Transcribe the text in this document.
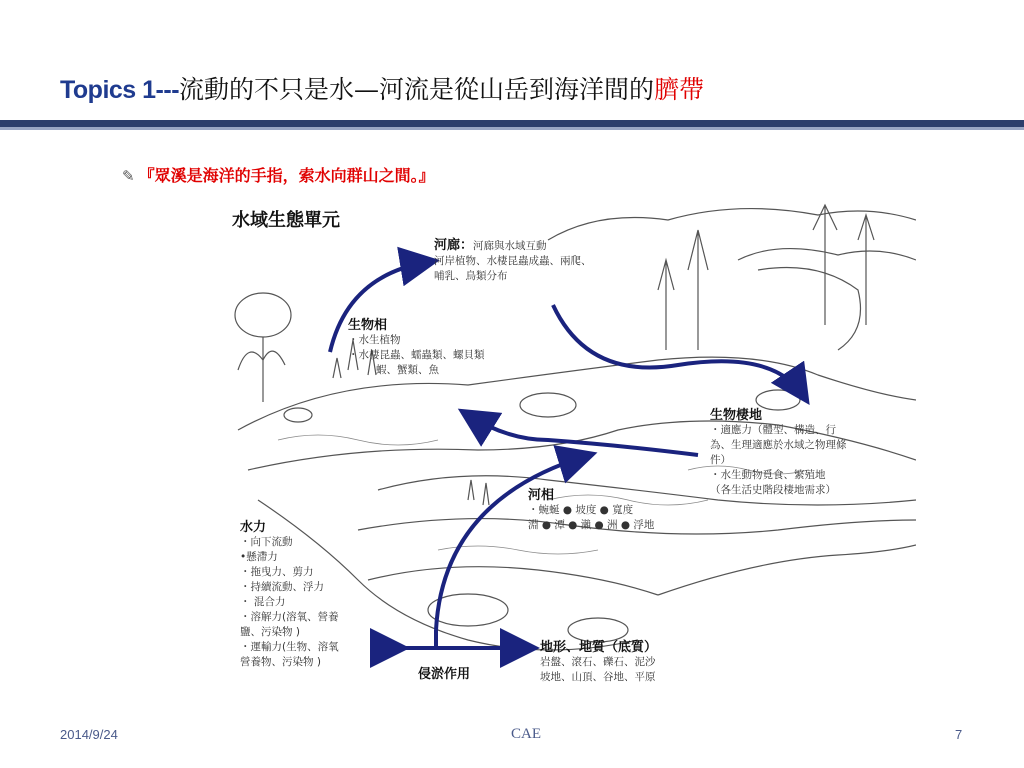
Topics 1---流動的不只是水—河流是從山岳到海洋間的臍帶
✎ 『眾溪是海洋的手指，索水向群山之間。』
水域生態單元
河廊：河廊與水域互動
河岸植物、水棲昆蟲成蟲、兩爬、
哺乳、鳥類分布
生物相
・水生植物
・水棲昆蟲、蠕蟲類、螺貝類
蝦、蟹類、魚
生物棲地
・適應力（體型、構造、行
為、生理適應於水域之物理條
件）
・水生動物覓食、繁殖地
（各生活史階段棲地需求）
河相
・蜿蜒 ● 坡度 ● 寬度
淵 ● 潭 ● 瀨 ● 洲 ● 浮地
水力
・向下流動
•懸滯力
・拖曳力、剪力
・持續流動、浮力
・ 混合力
・溶解力(溶氧、營養
鹽、污染物 )
・運輸力(生物、溶氧
營養物、污染物 )
侵淤作用
地形、地質（底質）
岩盤、滾石、礫石、泥沙
坡地、山頂、谷地、平原
2014/9/24	CAE	7
